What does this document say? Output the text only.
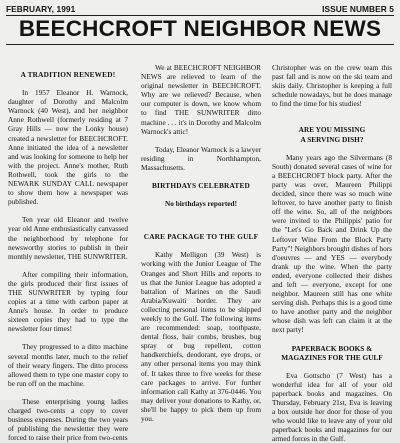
FEBRUARY, 1991	ISSUE NUMBER 5
BEECHCROFT NEIGHBOR NEWS
A TRADITION RENEWED!

In 1957 Eleanor H. Warnock, daughter of Dorothy and Malcolm Warnock (40 West), and her neighbor Anne Rothwell (formerly residing at 7 Gray Hills — now the Lonky house) created a newsletter for BEECHCROFT. Anne initiated the idea of a newsletter and was looking for someone to help her with the project. Anne's mother, Ruth Rothwell, took the girls to the NEWARK SUNDAY CALL newspaper to show them how a newspaper was published.

Ten year old Eleanor and twelve year old Anne enthusiastically canvassed the neighborhood by telephone for newsworthy stories to publish in their monthly newsletter, THE SUNWRITER.

After compiling their information, the girls produced their first issues of THE SUNWRITER by typing four copies at a time with carbon paper at Anne's house. In order to produce sixteen copies they had to type the newsletter four times!

They progressed to a ditto machine several months later, much to the relief of their weary fingers. The ditto process allowed them to type one master copy to be run off on the machine.

These enterprising young ladies charged two-cents a copy to cover business expenses. During the two years of publishing the newsletter they were forced to raise their price from two-cents

We at BEECHCROFT NEIGHBOR NEWS are relieved to learn of the original newsletter in BEECHCROFT. Why are we relieved? Because, when our computer is down, we know whom to find THE SUNWRITER ditto machine . . . it's in Dorothy and Malcolm Warnock's attic!

Today, Eleanor Warnock is a lawyer residing in Northhampton, Massachusetts.

BIRTHDAYS CELEBRATED

No birthdays reported!

CARE PACKAGE TO THE GULF

Kathy Melligon (39 West) is working with the Junior League of The Oranges and Short Hills and reports to us that the Junior League has adopted a battalion of Marines on the Saudi Arabia/Kuwaiti border. They are collecting personal items to be shipped weekly to the Gulf. The following items are recommended: soap, toothpaste, dental floss, hair combs, brushes, bug spray or bug repellent, cotton handkerchiefs, deodorant, eye drops, or any other personal items you may think of. It takes three to five weeks for these care packages to arrive. For further information call Kathy at 376-0446. You may deliver your donations to Kathy, or, she'll be happy to pick them up from you.

Christopher was on the crew team this past fall and is now on the ski team and skiis daily. Christopher is keeping a full schedule nowadays, but he does manage to find the time for his studies!

ARE YOU MISSING
A SERVING DISH?

Many years ago the Silvermans (8 South) donated several cases of wine for a BEECHCROFT block party. After the party was over, Maureen Philippi decided, since there was so much wine leftover, to have another party to finish off the wine. So, all of the neighbors were invited to the Philippis' patio for the "Let's Go Back and Drink Up the Leftover Wine From the Block Party Party"! Neighbors brought dishes of hors d'oeuvres — and YES — everybody drank up the wine. When the party ended, everyone collected their dishes and left — everyone, except for one neighbor. Maureen still has one white serving dish. Perhaps this is a good time to have another party and the neighbor whose dish was left can claim it at the next party!

PAPERBACK BOOKS &
MAGAZINES FOR THE GULF

Eva Gottscho (7 West) has a wonderful idea for all of your old paperback books and magazines. On Thursday, February 21st, Eva is leaving a box outside her door for those of you who would like to leave any of your old paperback books and magazines for our armed forces in the Gulf.
